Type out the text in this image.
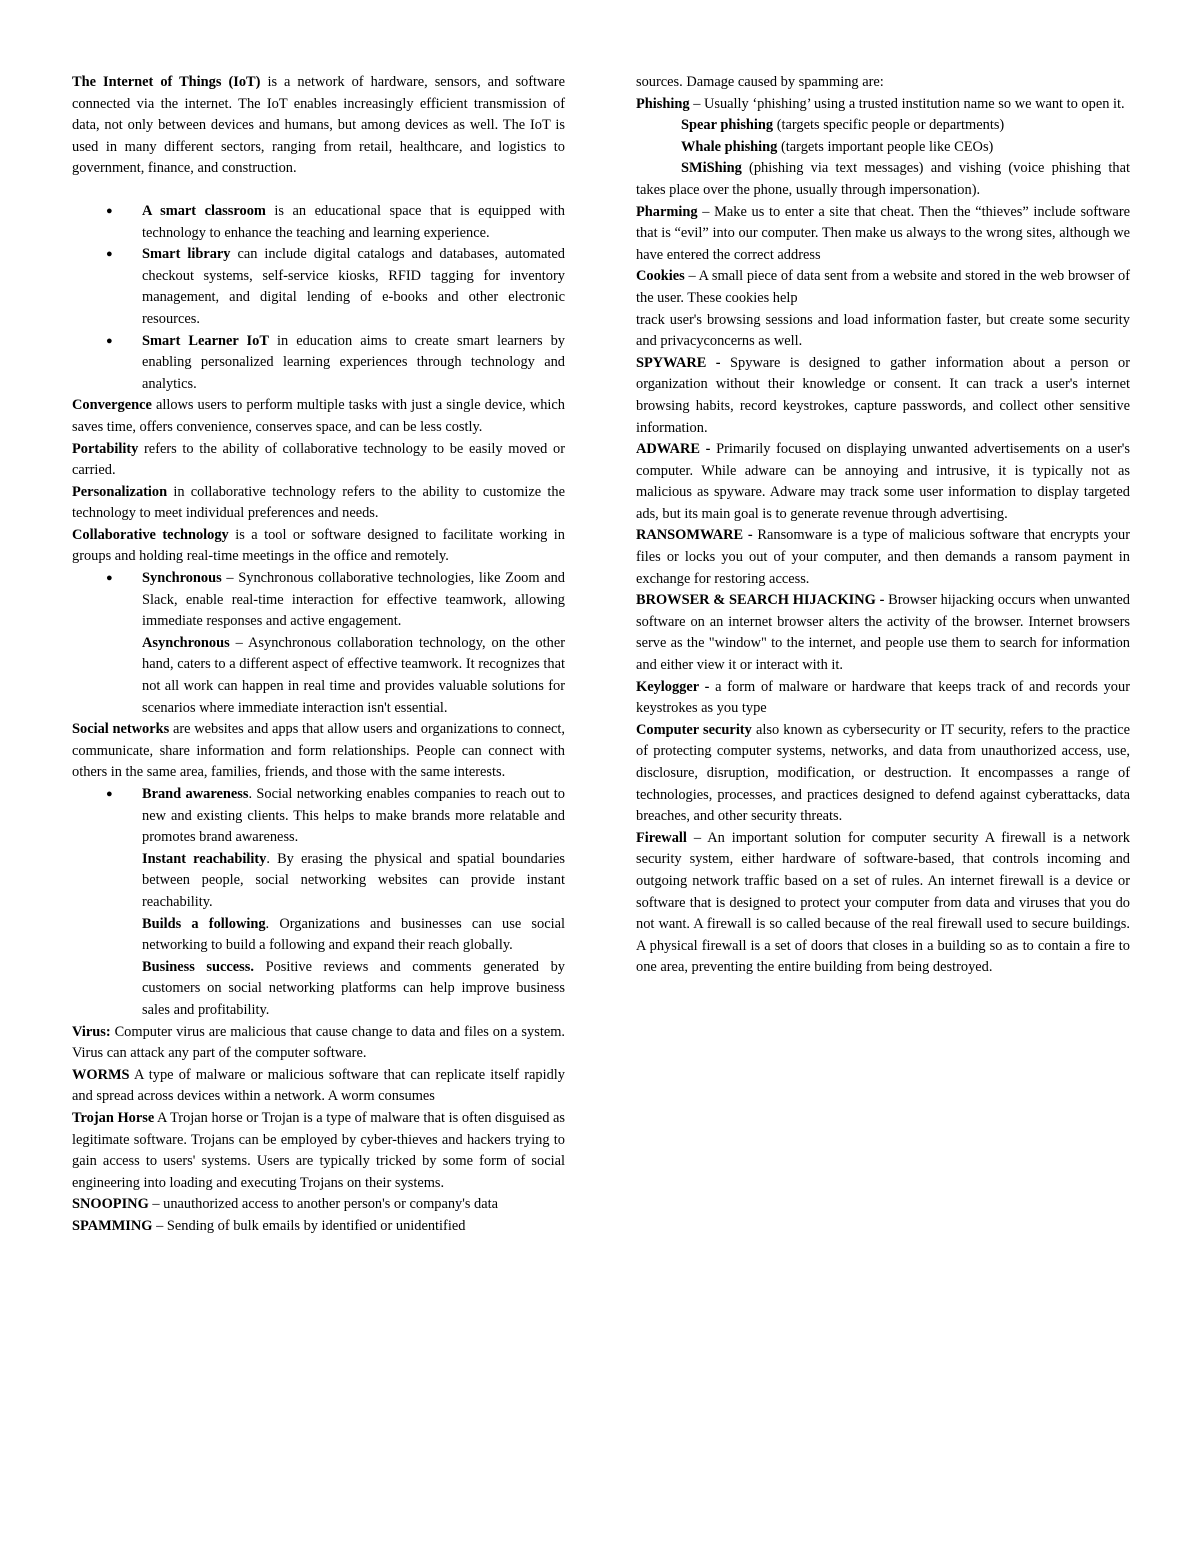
The Internet of Things (IoT) is a network of hardware, sensors, and software connected via the internet. The IoT enables increasingly efficient transmission of data, not only between devices and humans, but among devices as well. The IoT is used in many different sectors, ranging from retail, healthcare, and logistics to government, finance, and construction.

● A smart classroom is an educational space that is equipped with technology to enhance the teaching and learning experience.
● Smart library can include digital catalogs and databases, automated checkout systems, self-service kiosks, RFID tagging for inventory management, and digital lending of e-books and other electronic resources.
● Smart Learner IoT in education aims to create smart learners by enabling personalized learning experiences through technology and analytics.

Convergence allows users to perform multiple tasks with just a single device, which saves time, offers convenience, conserves space, and can be less costly.

Portability refers to the ability of collaborative technology to be easily moved or carried.

Personalization in collaborative technology refers to the ability to customize the technology to meet individual preferences and needs.

Collaborative technology is a tool or software designed to facilitate working in groups and holding real-time meetings in the office and remotely.

● Synchronous – Synchronous collaborative technologies, like Zoom and Slack, enable real-time interaction for effective teamwork, allowing immediate responses and active engagement.
Asynchronous – Asynchronous collaboration technology, on the other hand, caters to a different aspect of effective teamwork. It recognizes that not all work can happen in real time and provides valuable solutions for scenarios where immediate interaction isn't essential.

Social networks are websites and apps that allow users and organizations to connect, communicate, share information and form relationships. People can connect with others in the same area, families, friends, and those with the same interests.

● Brand awareness. Social networking enables companies to reach out to new and existing clients. This helps to make brands more relatable and promotes brand awareness.
Instant reachability. By erasing the physical and spatial boundaries between people, social networking websites can provide instant reachability.
Builds a following. Organizations and businesses can use social networking to build a following and expand their reach globally.
Business success. Positive reviews and comments generated by customers on social networking platforms can help improve business sales and profitability.

Virus: Computer virus are malicious that cause change to data and files on a system. Virus can attack any part of the computer software.

WORMS A type of malware or malicious software that can replicate itself rapidly and spread across devices within a network. A worm consumes

Trojan Horse A Trojan horse or Trojan is a type of malware that is often disguised as legitimate software. Trojans can be employed by cyber-thieves and hackers trying to gain access to users' systems. Users are typically tricked by some form of social engineering into loading and executing Trojans on their systems.

SNOOPING – unauthorized access to another person's or company's data

SPAMMING – Sending of bulk emails by identified or unidentified

sources. Damage caused by spamming are:

Phishing – Usually ‘phishing’ using a trusted institution name so we want to open it.

Spear phishing (targets specific people or departments)

Whale phishing (targets important people like CEOs)

SMiShing (phishing via text messages) and vishing (voice phishing that takes place over the phone, usually through impersonation).

Pharming – Make us to enter a site that cheat. Then the “thieves” include software that is “evil” into our computer. Then make us always to the wrong sites, although we have entered the correct address

Cookies – A small piece of data sent from a website and stored in the web browser of the user. These cookies help

track user's browsing sessions and load information faster, but create some security and privacyconcerns as well.

SPYWARE - Spyware is designed to gather information about a person or organization without their knowledge or consent. It can track a user's internet browsing habits, record keystrokes, capture passwords, and collect other sensitive information.

ADWARE - Primarily focused on displaying unwanted advertisements on a user's computer. While adware can be annoying and intrusive, it is typically not as malicious as spyware. Adware may track some user information to display targeted ads, but its main goal is to generate revenue through advertising.

RANSOMWARE - Ransomware is a type of malicious software that encrypts your files or locks you out of your computer, and then demands a ransom payment in exchange for restoring access.

BROWSER & SEARCH HIJACKING - Browser hijacking occurs when unwanted software on an internet browser alters the activity of the browser. Internet browsers serve as the "window" to the internet, and people use them to search for information and either view it or interact with it.

Keylogger - a form of malware or hardware that keeps track of and records your keystrokes as you type

Computer security also known as cybersecurity or IT security, refers to the practice of protecting computer systems, networks, and data from unauthorized access, use, disclosure, disruption, modification, or destruction. It encompasses a range of technologies, processes, and practices designed to defend against cyberattacks, data breaches, and other security threats.

Firewall – An important solution for computer security A firewall is a network security system, either hardware of software-based, that controls incoming and outgoing network traffic based on a set of rules. An internet firewall is a device or software that is designed to protect your computer from data and viruses that you do not want. A firewall is so called because of the real firewall used to secure buildings. A physical firewall is a set of doors that closes in a building so as to contain a fire to one area, preventing the entire building from being destroyed.
